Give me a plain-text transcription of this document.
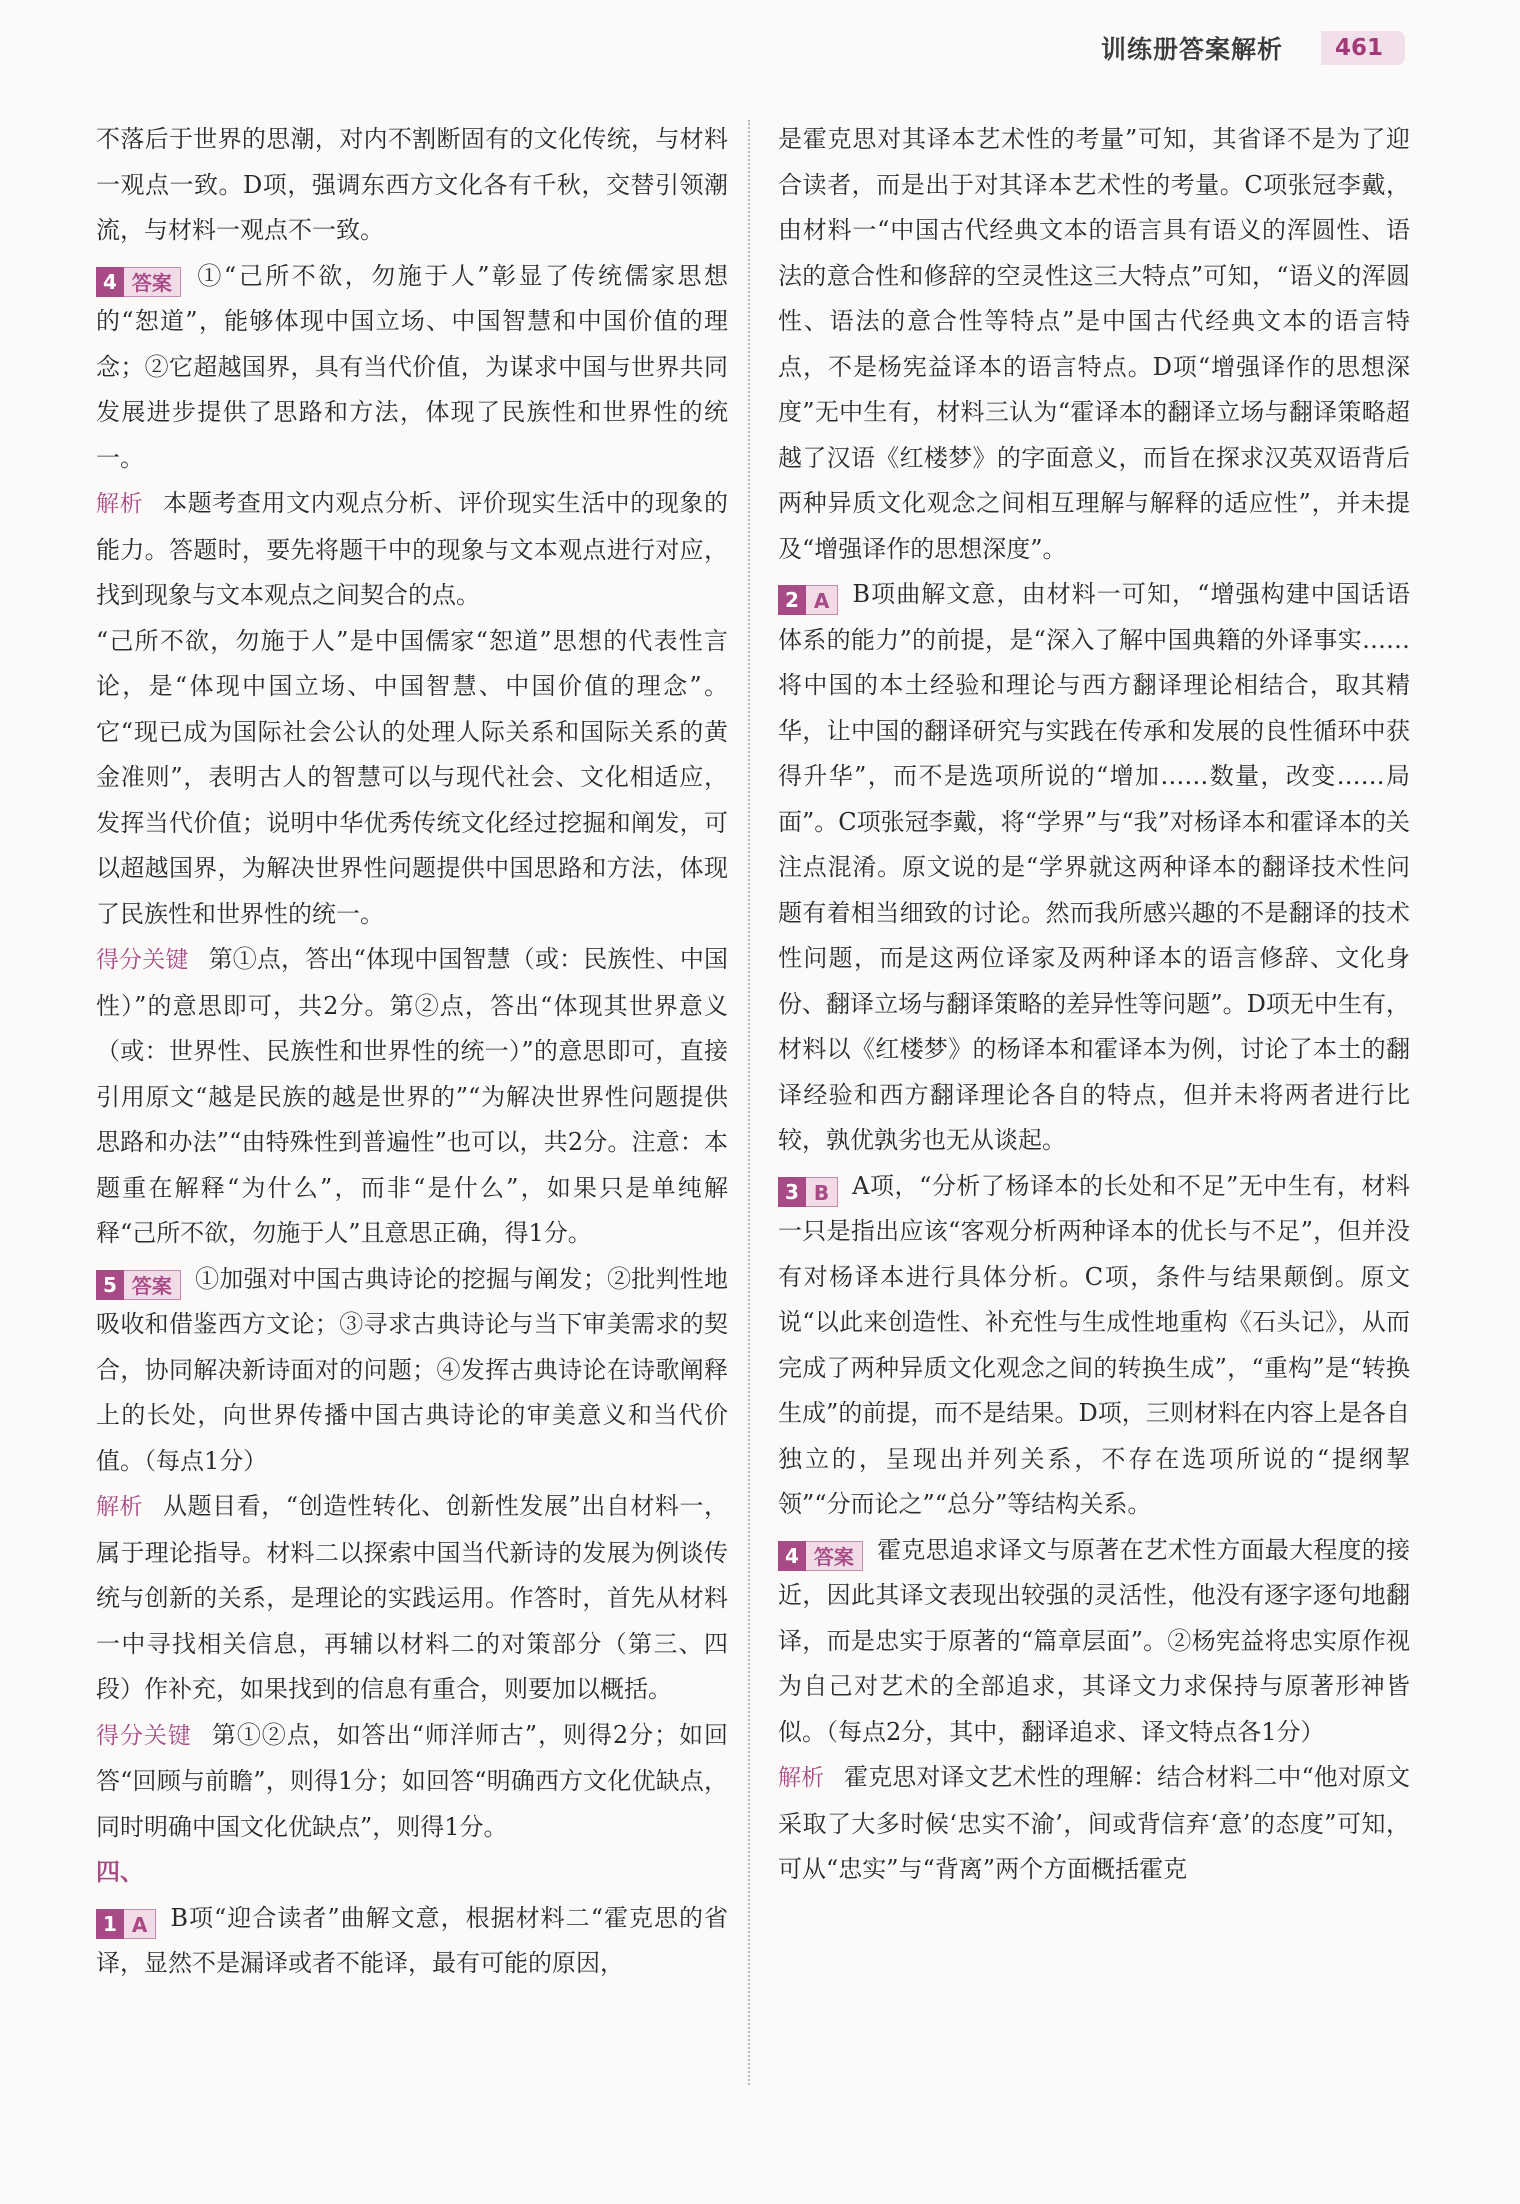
训练册答案解析	461

不落后于世界的思潮，对内不割断固有的文化传统，与材料一观点一致。D项，强调东西方文化各有千秋，交替引领潮流，与材料一观点不一致。

4 答案 ①“己所不欲，勿施于人”彰显了传统儒家思想的“恕道”，能够体现中国立场、中国智慧和中国价值的理念；②它超越国界，具有当代价值，为谋求中国与世界共同发展进步提供了思路和方法，体现了民族性和世界性的统一。

解析 本题考查用文内观点分析、评价现实生活中的现象的能力。答题时，要先将题干中的现象与文本观点进行对应，找到现象与文本观点之间契合的点。

“己所不欲，勿施于人”是中国儒家“恕道”思想的代表性言论，是“体现中国立场、中国智慧、中国价值的理念”。它“现已成为国际社会公认的处理人际关系和国际关系的黄金准则”，表明古人的智慧可以与现代社会、文化相适应，发挥当代价值；说明中华优秀传统文化经过挖掘和阐发，可以超越国界，为解决世界性问题提供中国思路和方法，体现了民族性和世界性的统一。

得分关键 第①点，答出“体现中国智慧（或：民族性、中国性）”的意思即可，共2分。第②点，答出“体现其世界意义（或：世界性、民族性和世界性的统一）”的意思即可，直接引用原文“越是民族的越是世界的”“为解决世界性问题提供思路和办法”“由特殊性到普遍性”也可以，共2分。注意：本题重在解释“为什么”，而非“是什么”，如果只是单纯解释“己所不欲，勿施于人”且意思正确，得1分。

5 答案 ①加强对中国古典诗论的挖掘与阐发；②批判性地吸收和借鉴西方文论；③寻求古典诗论与当下审美需求的契合，协同解决新诗面对的问题；④发挥古典诗论在诗歌阐释上的长处，向世界传播中国古典诗论的审美意义和当代价值。（每点1分）

解析 从题目看，“创造性转化、创新性发展”出自材料一，属于理论指导。材料二以探索中国当代新诗的发展为例谈传统与创新的关系，是理论的实践运用。作答时，首先从材料一中寻找相关信息，再辅以材料二的对策部分（第三、四段）作补充，如果找到的信息有重合，则要加以概括。

得分关键 第①②点，如答出“师洋师古”，则得2分；如回答“回顾与前瞻”，则得1分；如回答“明确西方文化优缺点，同时明确中国文化优缺点”，则得1分。

四、

1 A B项“迎合读者”曲解文意，根据材料二“霍克思的省译，显然不是漏译或者不能译，最有可能的原因，

是霍克思对其译本艺术性的考量”可知，其省译不是为了迎合读者，而是出于对其译本艺术性的考量。C项张冠李戴，由材料一“中国古代经典文本的语言具有语义的浑圆性、语法的意合性和修辞的空灵性这三大特点”可知，“语义的浑圆性、语法的意合性等特点”是中国古代经典文本的语言特点，不是杨宪益译本的语言特点。D项“增强译作的思想深度”无中生有，材料三认为“霍译本的翻译立场与翻译策略超越了汉语《红楼梦》的字面意义，而旨在探求汉英双语背后两种异质文化观念之间相互理解与解释的适应性”，并未提及“增强译作的思想深度”。

2 A B项曲解文意，由材料一可知，“增强构建中国话语体系的能力”的前提，是“深入了解中国典籍的外译事实……将中国的本土经验和理论与西方翻译理论相结合，取其精华，让中国的翻译研究与实践在传承和发展的良性循环中获得升华”，而不是选项所说的“增加……数量，改变……局面”。C项张冠李戴，将“学界”与“我”对杨译本和霍译本的关注点混淆。原文说的是“学界就这两种译本的翻译技术性问题有着相当细致的讨论。然而我所感兴趣的不是翻译的技术性问题，而是这两位译家及两种译本的语言修辞、文化身份、翻译立场与翻译策略的差异性等问题”。D项无中生有，材料以《红楼梦》的杨译本和霍译本为例，讨论了本土的翻译经验和西方翻译理论各自的特点，但并未将两者进行比较，孰优孰劣也无从谈起。

3 B A项，“分析了杨译本的长处和不足”无中生有，材料一只是指出应该“客观分析两种译本的优长与不足”，但并没有对杨译本进行具体分析。C项，条件与结果颠倒。原文说“以此来创造性、补充性与生成性地重构《石头记》，从而完成了两种异质文化观念之间的转换生成”，“重构”是“转换生成”的前提，而不是结果。D项，三则材料在内容上是各自独立的，呈现出并列关系，不存在选项所说的“提纲挈领”“分而论之”“总分”等结构关系。

4 答案 霍克思追求译文与原著在艺术性方面最大程度的接近，因此其译文表现出较强的灵活性，他没有逐字逐句地翻译，而是忠实于原著的“篇章层面”。②杨宪益将忠实原作视为自己对艺术的全部追求，其译文力求保持与原著形神皆似。（每点2分，其中，翻译追求、译文特点各1分）

解析 霍克思对译文艺术性的理解：结合材料二中“他对原文采取了大多时候‘忠实不渝’，间或背信弃‘意’的态度”可知，可从“忠实”与“背离”两个方面概括霍克
